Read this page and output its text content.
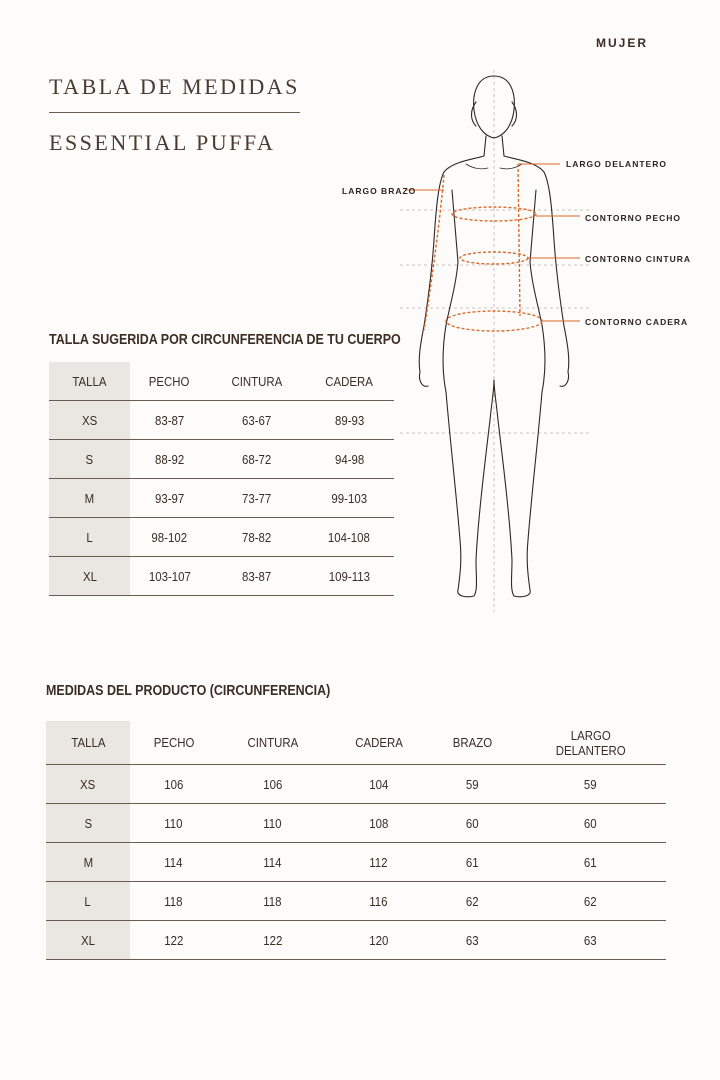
MUJER
TABLA DE MEDIDAS
ESSENTIAL PUFFA
LARGO DELANTERO
LARGO BRAZO
CONTORNO PECHO
CONTORNO CINTURA
CONTORNO CADERA
TALLA SUGERIDA POR CIRCUNFERENCIA DE TU CUERPO
TALLA	PECHO	CINTURA	CADERA
XS	83-87	63-67	89-93
S	88-92	68-72	94-98
M	93-97	73-77	99-103
L	98-102	78-82	104-108
XL	103-107	83-87	109-113
MEDIDAS DEL PRODUCTO (CIRCUNFERENCIA)
TALLA	PECHO	CINTURA	CADERA	BRAZO	LARGO
DELANTERO
XS	106	106	104	59	59
S	110	110	108	60	60
M	114	114	112	61	61
L	118	118	116	62	62
XL	122	122	120	63	63
